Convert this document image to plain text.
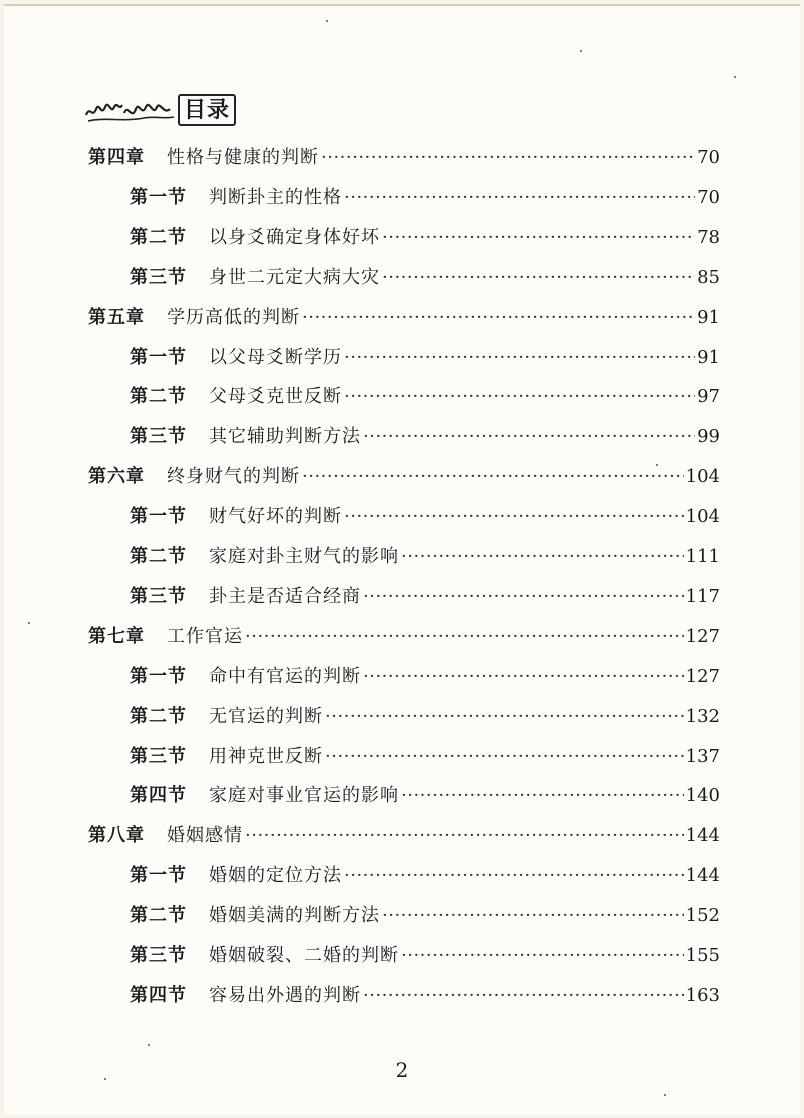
目录
第四章 性格与健康的判断 ·····	70
第一节 判断卦主的性格 ·····	70
第二节 以身爻确定身体好坏 ·····	78
第三节 身世二元定大病大灾 ·····	85
第五章 学历高低的判断 ·····	91
第一节 以父母爻断学历 ·····	91
第二节 父母爻克世反断 ·····	97
第三节 其它辅助判断方法 ·····	99
第六章 终身财气的判断 ·····	104
第一节 财气好坏的判断 ·····	104
第二节 家庭对卦主财气的影响 ·····	111
第三节 卦主是否适合经商 ·····	117
第七章 工作官运 ·····	127
第一节 命中有官运的判断 ·····	127
第二节 无官运的判断 ·····	132
第三节 用神克世反断 ·····	137
第四节 家庭对事业官运的影响 ·····	140
第八章 婚姻感情 ·····	144
第一节 婚姻的定位方法 ·····	144
第二节 婚姻美满的判断方法 ·····	152
第三节 婚姻破裂、二婚的判断 ·····	155
第四节 容易出外遇的判断 ·····	163
2
